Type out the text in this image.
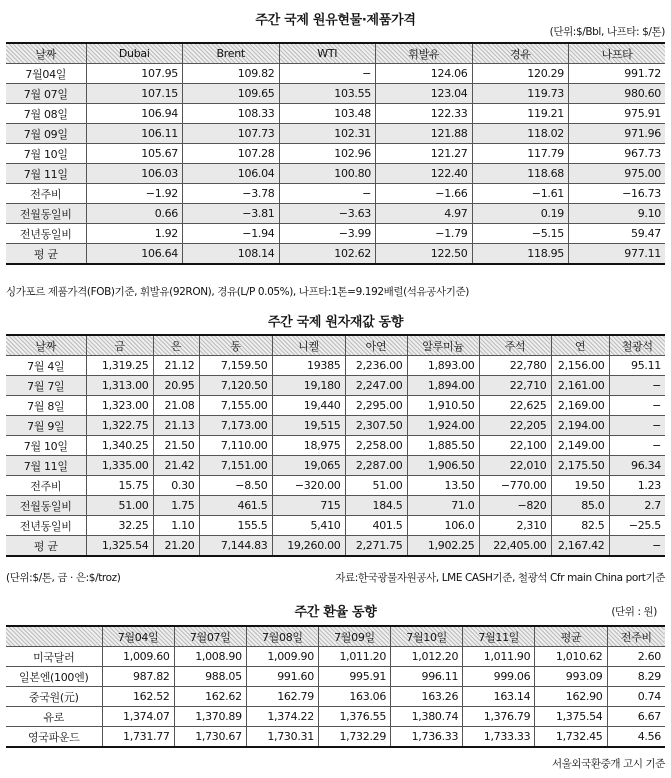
주간 국제 원유현물·제품가격
(단위:$/Bbl, 나프타: $/톤)
날짜	Dubai	Brent	WTI	휘발유	경유	나프타
7월04일	107.95	109.82	−	124.06	120.29	991.72
7월 07일	107.15	109.65	103.55	123.04	119.73	980.60
7월 08일	106.94	108.33	103.48	122.33	119.21	975.91
7월 09일	106.11	107.73	102.31	121.88	118.02	971.96
7월 10일	105.67	107.28	102.96	121.27	117.79	967.73
7월 11일	106.03	106.04	100.80	122.40	118.68	975.00
전주비	−1.92	−3.78	−	−1.66	−1.61	−16.73
전월동일비	0.66	−3.81	−3.63	4.97	0.19	9.10
전년동일비	1.92	−1.94	−3.99	−1.79	−5.15	59.47
평 균	106.64	108.14	102.62	122.50	118.95	977.11
싱가포르 제품가격(FOB)기준, 휘발유(92RON), 경유(L/P 0.05%), 나프타:1톤=9.192배럴(석유공사기준)
주간 국제 원자재값 동향
날짜	금	은	동	니켈	아연	알루미늄	주석	연	철광석
7월 4일	1,319.25	21.12	7,159.50	19385	2,236.00	1,893.00	22,780	2,156.00	95.11
7월 7일	1,313.00	20.95	7,120.50	19,180	2,247.00	1,894.00	22,710	2,161.00	−
7월 8일	1,323.00	21.08	7,155.00	19,440	2,295.00	1,910.50	22,625	2,169.00	−
7월 9일	1,322.75	21.13	7,173.00	19,515	2,307.50	1,924.00	22,205	2,194.00	−
7월 10일	1,340.25	21.50	7,110.00	18,975	2,258.00	1,885.50	22,100	2,149.00	−
7월 11일	1,335.00	21.42	7,151.00	19,065	2,287.00	1,906.50	22,010	2,175.50	96.34
전주비	15.75	0.30	−8.50	−320.00	51.00	13.50	−770.00	19.50	1.23
전월동일비	51.00	1.75	461.5	715	184.5	71.0	−820	85.0	2.7
전년동일비	32.25	1.10	155.5	5,410	401.5	106.0	2,310	82.5	−25.5
평 균	1,325.54	21.20	7,144.83	19,260.00	2,271.75	1,902.25	22,405.00	2,167.42	−
(단위:$/톤, 금 · 은:$/troz)	자료:한국광물자원공사, LME CASH기준, 철광석 Cfr main China port기준
주간 환율 동향	(단위 : 원)
	7월04일	7월07일	7월08일	7월09일	7월10일	7월11일	평균	전주비
미국달러	1,009.60	1,008.90	1,009.90	1,011.20	1,012.20	1,011.90	1,010.62	2.60
일본엔(100엔)	987.82	988.05	991.60	995.91	996.11	999.06	993.09	8.29
중국원(元)	162.52	162.62	162.79	163.06	163.26	163.14	162.90	0.74
유로	1,374.07	1,370.89	1,374.22	1,376.55	1,380.74	1,376.79	1,375.54	6.67
영국파운드	1,731.77	1,730.67	1,730.31	1,732.29	1,736.33	1,733.33	1,732.45	4.56
서울외국환중개 고시 기준
